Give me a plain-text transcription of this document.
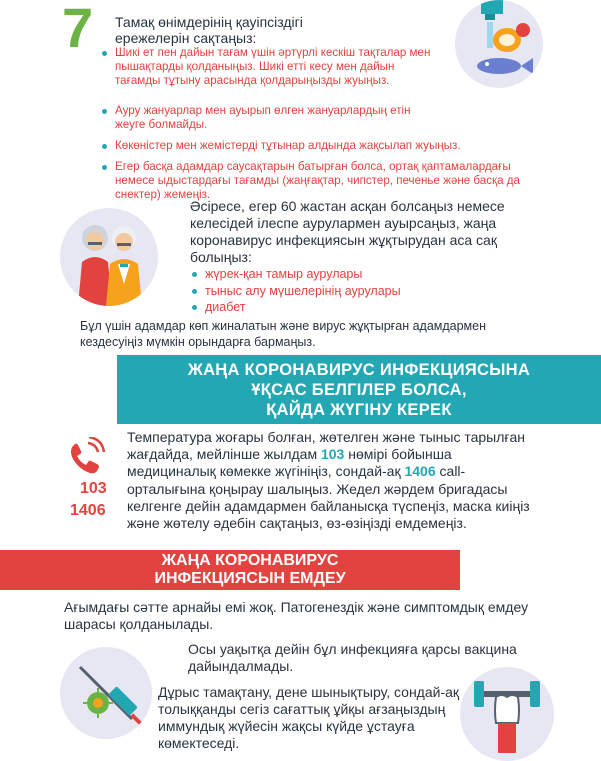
7 Тамақ өнімдерінің қауіпсіздігі ережелерін сақтаңыз:
Шикі ет пен дайын тағам үшін әртүрлі кескіш тақталар мен пышақтарды қолданыңыз. Шикі етті кесу мен дайын тағамды тұтыну арасында қолдарыңызды жуыңыз.
Ауру жануарлар мен ауырып өлген жануарлардың етін жеуге болмайды.
Көкөністер мен жемістерді тұтынар алдында жақсылап жуыңыз.
Егер басқа адамдар саусақтарын батырған болса, ортақ қаптамалардағы немесе ыдыстардағы тағамды (жаңғақтар, чипстер, печенье және басқа да снектер) жемеңіз.
Әсіресе, егер 60 жастан асқан болсаңыз немесе келесідей ілеспе аурулармен ауырсаңыз, жаңа коронавирус инфекциясын жұқтырудан аса сақ болыңыз:
жүрек-қан тамыр аурулары
тыныс алу мүшелерінің аурулары
диабет
Бұл үшін адамдар көп жиналатын және вирус жұқтырған адамдармен кездесуіңіз мүмкін орындарға бармаңыз.
ЖАҢА КОРОНАВИРУС ИНФЕКЦИЯСЫНА
ҰҚСАС БЕЛГІЛЕР БОЛСА,
ҚАЙДА ЖҮГІНУ КЕРЕК
103
1406
Температура жоғары болған, жөтелген және тыныс тарылған жағдайда, мейлінше жылдам 103 нөмірі бойынша медициналық көмекке жүгініңіз, сондай-ақ 1406 call-орталығына қоңырау шалыңыз. Жедел жәрдем бригадасы келгенге дейін адамдармен байланысқа түспеңіз, маска киіңіз және жөтелу әдебін сақтаңыз, өз-өзіңізді емдемеңіз.
ЖАҢА КОРОНАВИРУС
ИНФЕКЦИЯСЫН ЕМДЕУ
Ағымдағы сәтте арнайы емі жоқ. Патогенездік және симптомдық емдеу шарасы қолданылады.
Осы уақытқа дейін бұл инфекцияға қарсы вакцина дайындалмады.
Дұрыс тамақтану, дене шынықтыру, сондай-ақ толыққанды сегіз сағаттық ұйқы ағзаңыздың иммундық жүйесін жақсы күйде ұстауға көмектеседі.
